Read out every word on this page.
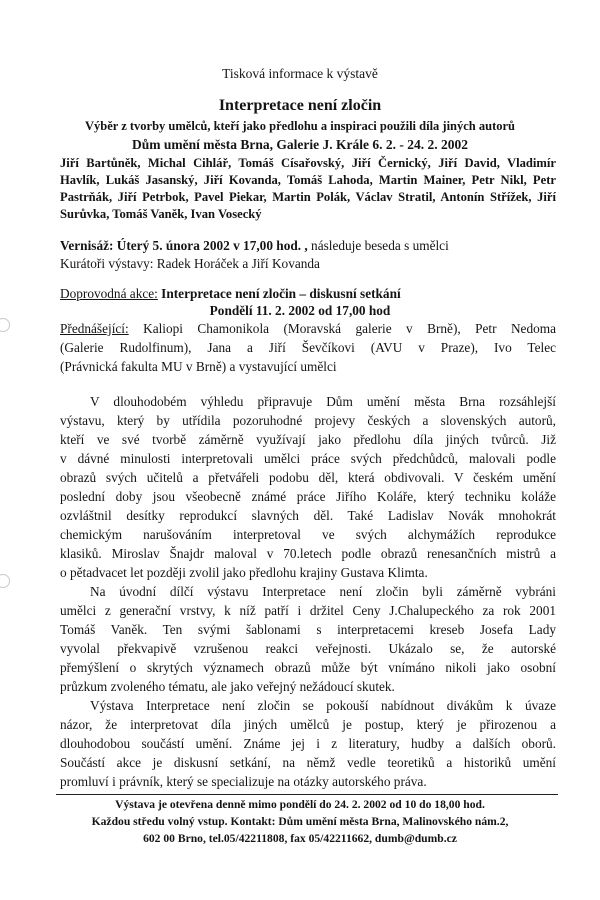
Tisková informace k výstavě
Interpretace není zločin
Výběr z tvorby umělců, kteří jako předlohu a inspiraci použili díla jiných autorů
Dům umění města Brna, Galerie J. Krále 6. 2. - 24. 2. 2002
Jiří Bartůněk, Michal Cihlář, Tomáš Císařovský, Jiří Černický, Jiří David, Vladimír
Havlík, Lukáš Jasanský, Jiří Kovanda, Tomáš Lahoda, Martin Mainer, Petr Nikl, Petr
Pastrňák, Jiří Petrbok, Pavel Piekar, Martin Polák, Václav Stratil, Antonín Střížek, Jiří
Surůvka, Tomáš Vaněk, Ivan Vosecký
Vernisáž: Úterý 5. února 2002 v 17,00 hod. , následuje beseda s umělci
Kurátoři výstavy: Radek Horáček a Jiří Kovanda
Doprovodná akce: Interpretace není zločin – diskusní setkání
Pondělí 11. 2. 2002 od 17,00 hod
Přednášející: Kaliopi Chamonikola (Moravská galerie v Brně), Petr Nedoma
(Galerie Rudolfinum), Jana a Jiří Ševčíkovi (AVU v Praze), Ivo Telec
(Právnická fakulta MU v Brně) a vystavující umělci
V dlouhodobém výhledu připravuje Dům umění města Brna rozsáhlejší
výstavu, který by utřídila pozoruhodné projevy českých a slovenských autorů,
kteří ve své tvorbě záměrně využívají jako předlohu díla jiných tvůrců. Již
v dávné minulosti interpretovali umělci práce svých předchůdců, malovali podle
obrazů svých učitelů a přetvářeli podobu děl, která obdivovali. V českém umění
poslední doby jsou všeobecně známé práce Jiřího Koláře, který techniku koláže
ozvláštnil desítky reprodukcí slavných děl. Také Ladislav Novák mnohokrát
chemickým narušováním interpretoval ve svých alchymážích reprodukce
klasiků. Miroslav Šnajdr maloval v 70.letech podle obrazů renesančních mistrů a
o pětadvacet let později zvolil jako předlohu krajiny Gustava Klimta.
Na úvodní dílčí výstavu Interpretace není zločin byli záměrně vybráni
umělci z generační vrstvy, k níž patří i držitel Ceny J.Chalupeckého za rok 2001
Tomáš Vaněk. Ten svými šablonami s interpretacemi kreseb Josefa Lady
vyvolal překvapivě vzrušenou reakci veřejnosti. Ukázalo se, že autorské
přemýšlení o skrytých významech obrazů může být vnímáno nikoli jako osobní
průzkum zvoleného tématu, ale jako veřejný nežádoucí skutek.
Výstava Interpretace není zločin se pokouší nabídnout divákům k úvaze
názor, že interpretovat díla jiných umělců je postup, který je přirozenou a
dlouhodobou součástí umění. Známe jej i z literatury, hudby a dalších oborů.
Součástí akce je diskusní setkání, na němž vedle teoretiků a historiků umění
promluví i právník, který se specializuje na otázky autorského práva.
Výstava je otevřena denně mimo pondělí do 24. 2. 2002 od 10 do 18,00 hod.
Každou středu volný vstup. Kontakt: Dům umění města Brna, Malinovského nám.2,
602 00 Brno, tel.05/42211808, fax 05/42211662, dumb@dumb.cz
